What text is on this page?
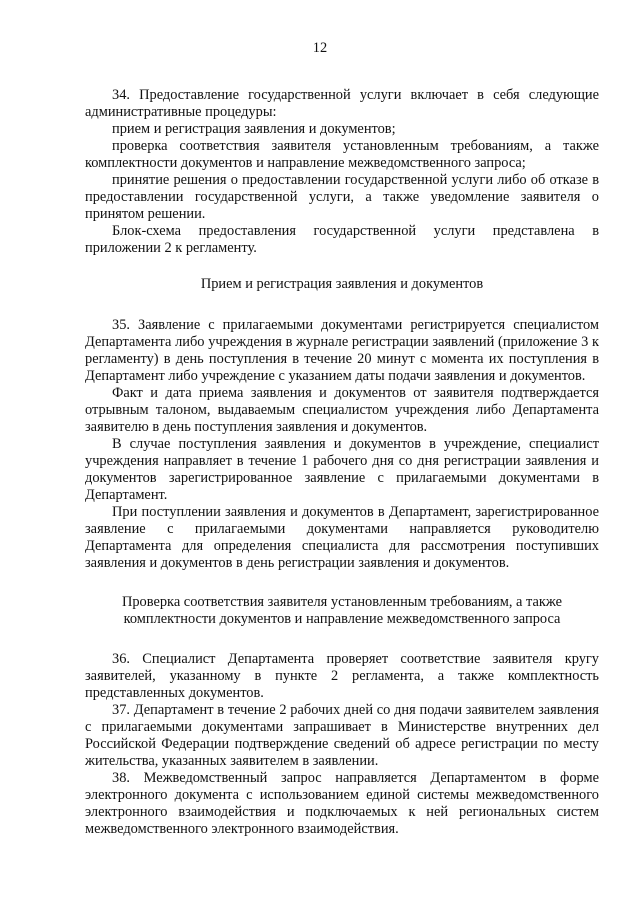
12

34. Предоставление государственной услуги включает в себя следующие административные процедуры:

прием и регистрация заявления и документов;

проверка соответствия заявителя установленным требованиям, а также комплектности документов и направление межведомственного запроса;

принятие решения о предоставлении государственной услуги либо об отказе в предоставлении государственной услуги, а также уведомление заявителя о принятом решении.

Блок-схема предоставления государственной услуги представлена в приложении 2 к регламенту.

Прием и регистрация заявления и документов

35. Заявление с прилагаемыми документами регистрируется специалистом Департамента либо учреждения в журнале регистрации заявлений (приложение 3 к регламенту) в день поступления в течение 20 минут с момента их поступления в Департамент либо учреждение с указанием даты подачи заявления и документов.

Факт и дата приема заявления и документов от заявителя подтверждается отрывным талоном, выдаваемым специалистом учреждения либо Департамента заявителю в день поступления заявления и документов.

В случае поступления заявления и документов в учреждение, специалист учреждения направляет в течение 1 рабочего дня со дня регистрации заявления и документов зарегистрированное заявление с прилагаемыми документами в Департамент.

При поступлении заявления и документов в Департамент, зарегистрированное заявление с прилагаемыми документами направляется руководителю Департамента для определения специалиста для рассмотрения поступивших заявления и документов в день регистрации заявления и документов.

Проверка соответствия заявителя установленным требованиям, а также

комплектности документов и направление межведомственного запроса

36. Специалист Департамента проверяет соответствие заявителя кругу заявителей, указанному в пункте 2 регламента, а также комплектность представленных документов.

37. Департамент в течение 2 рабочих дней со дня подачи заявителем заявления с прилагаемыми документами запрашивает в Министерстве внутренних дел Российской Федерации подтверждение сведений об адресе регистрации по месту жительства, указанных заявителем в заявлении.

38. Межведомственный запрос направляется Департаментом в форме электронного документа с использованием единой системы межведомственного электронного взаимодействия и подключаемых к ней региональных систем межведомственного электронного взаимодействия.
